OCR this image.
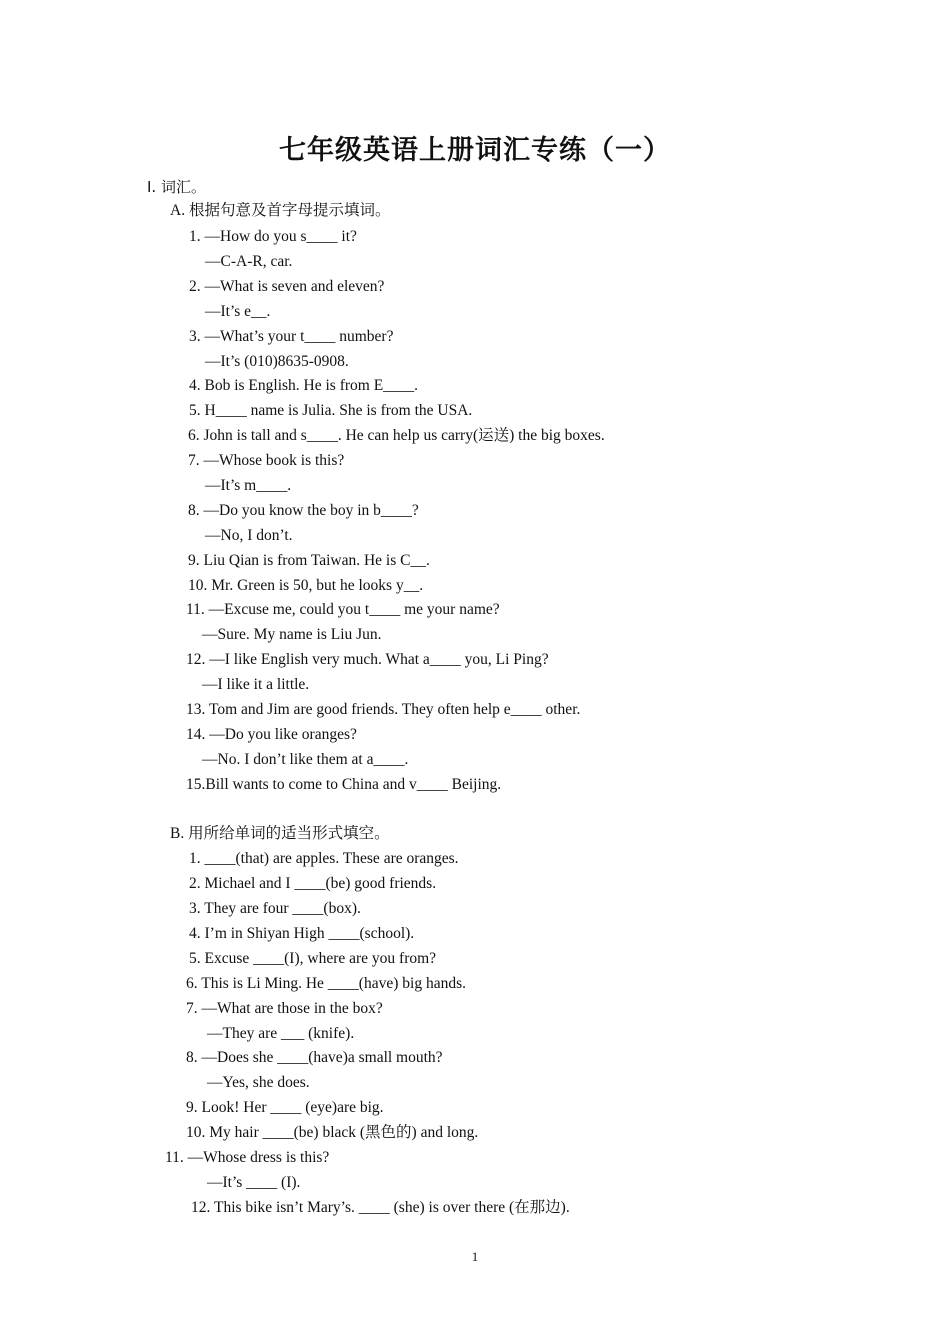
七年级英语上册词汇专练（一）
Ⅰ. 词汇。
A. 根据句意及首字母提示填词。
1. —How do you s____ it?
—C-A-R, car.
2. —What is seven and eleven?
—It’s e__.
3. —What’s your t____ number?
—It’s (010)8635-0908.
4. Bob is English. He is from E____.
5. H____ name is Julia. She is from the USA.
6. John is tall and s____. He can help us carry(运送) the big boxes.
7. —Whose book is this?
—It’s m____.
8. —Do you know the boy in b____?
—No, I don’t.
9. Liu Qian is from Taiwan. He is C__.
10. Mr. Green is 50, but he looks y__.
11. —Excuse me, could you t____ me your name?
—Sure. My name is Liu Jun.
12. —I like English very much. What a____ you, Li Ping?
—I like it a little.
13. Tom and Jim are good friends. They often help e____ other.
14. —Do you like oranges?
—No. I don’t like them at a____.
15.Bill wants to come to China and v____ Beijing.
B. 用所给单词的适当形式填空。
1. ____(that) are apples. These are oranges.
2. Michael and I ____(be) good friends.
3. They are four ____(box).
4. I’m in Shiyan High ____(school).
5. Excuse ____(I), where are you from?
6. This is Li Ming. He ____(have) big hands.
7. —What are those in the box?
—They are ___ (knife).
8. —Does she ____(have)a small mouth?
—Yes, she does.
9. Look! Her ____ (eye)are big.
10. My hair ____(be) black (黑色的) and long.
11. —Whose dress is this?
—It’s ____ (I).
12. This bike isn’t Mary’s. ____ (she) is over there (在那边).
1
